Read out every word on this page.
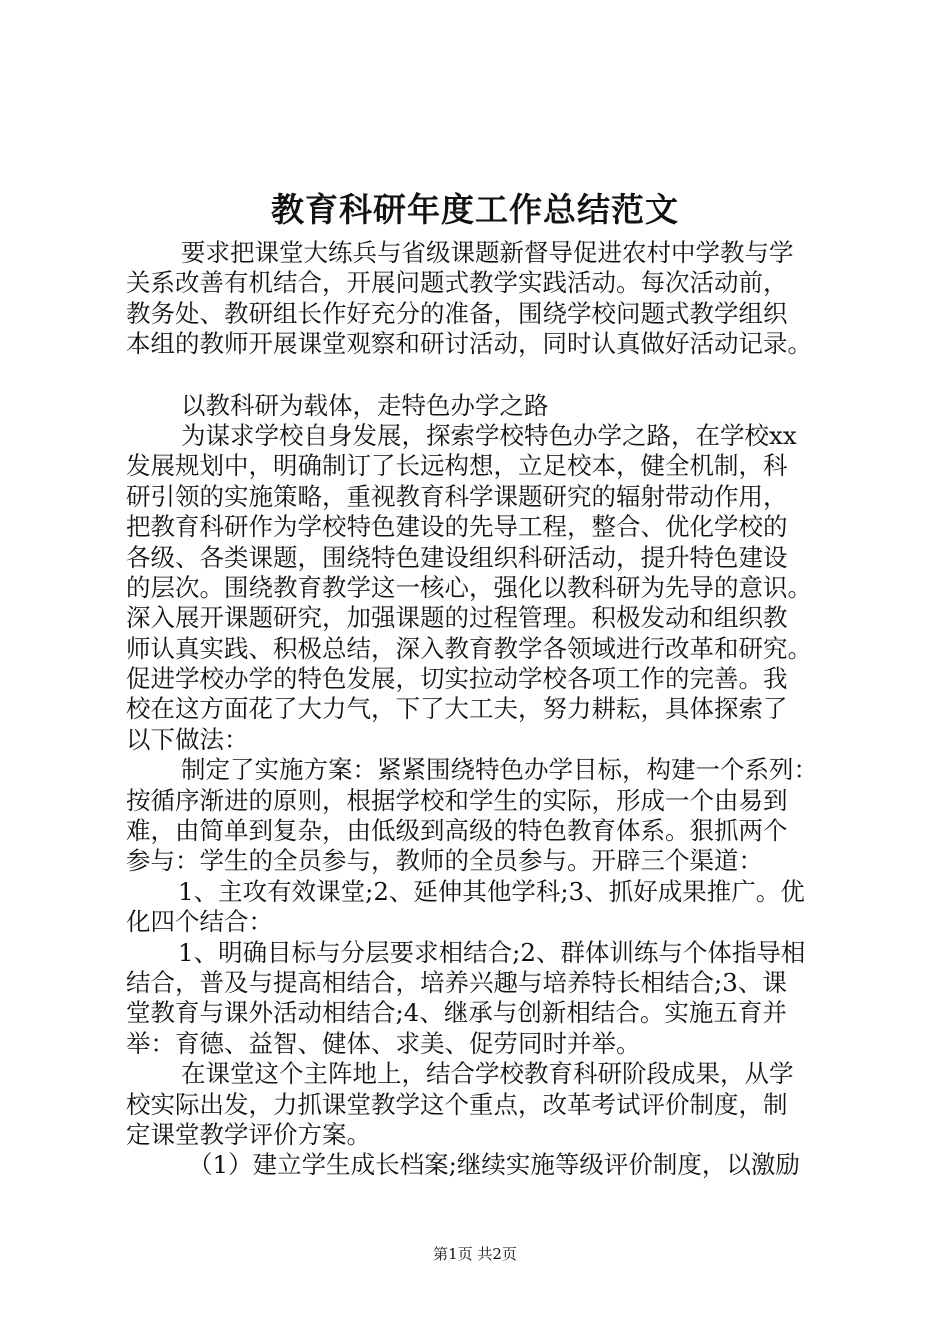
教育科研年度工作总结范文
要求把课堂大练兵与省级课题新督导促进农村中学教与学
关系改善有机结合，开展问题式教学实践活动。每次活动前，
教务处、教研组长作好充分的准备，围绕学校问题式教学组织
本组的教师开展课堂观察和研讨活动，同时认真做好活动记录。
以教科研为载体，走特色办学之路
为谋求学校自身发展，探索学校特色办学之路，在学校xx
发展规划中，明确制订了长远构想，立足校本，健全机制，科
研引领的实施策略，重视教育科学课题研究的辐射带动作用，
把教育科研作为学校特色建设的先导工程，整合、优化学校的
各级、各类课题，围绕特色建设组织科研活动，提升特色建设
的层次。围绕教育教学这一核心，强化以教科研为先导的意识。
深入展开课题研究，加强课题的过程管理。积极发动和组织教
师认真实践、积极总结，深入教育教学各领域进行改革和研究。
促进学校办学的特色发展，切实拉动学校各项工作的完善。我
校在这方面花了大力气，下了大工夫，努力耕耘，具体探索了
以下做法：
制定了实施方案：紧紧围绕特色办学目标，构建一个系列：
按循序渐进的原则，根据学校和学生的实际，形成一个由易到
难，由简单到复杂，由低级到高级的特色教育体系。狠抓两个
参与：学生的全员参与，教师的全员参与。开辟三个渠道：
1、主攻有效课堂;2、延伸其他学科;3、抓好成果推广。优
化四个结合：
1、明确目标与分层要求相结合;2、群体训练与个体指导相
结合，普及与提高相结合，培养兴趣与培养特长相结合;3、课
堂教育与课外活动相结合;4、继承与创新相结合。实施五育并
举：育德、益智、健体、求美、促劳同时并举。
在课堂这个主阵地上，结合学校教育科研阶段成果，从学
校实际出发，力抓课堂教学这个重点，改革考试评价制度，制
定课堂教学评价方案。
（1）建立学生成长档案;继续实施等级评价制度，以激励
第1页 共2页
